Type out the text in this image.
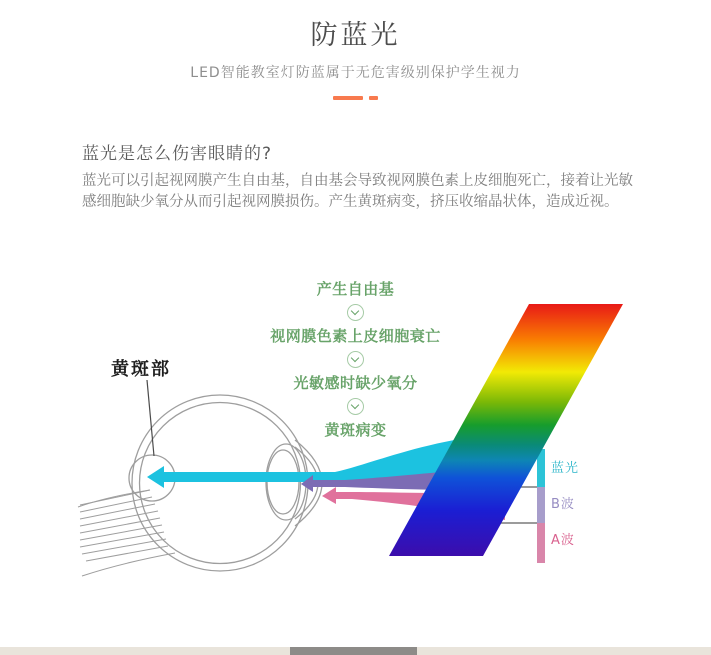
防蓝光
LED智能教室灯防蓝属于无危害级别保护学生视力
蓝光是怎么伤害眼睛的?
蓝光可以引起视网膜产生自由基，自由基会导致视网膜色素上皮细胞死亡，接着让光敏
感细胞缺少氧分从而引起视网膜损伤。产生黄斑病变，挤压收缩晶状体，造成近视。
产生自由基
视网膜色素上皮细胞衰亡
光敏感时缺少氧分
黄斑病变
黄斑部
蓝光
B波
A波
